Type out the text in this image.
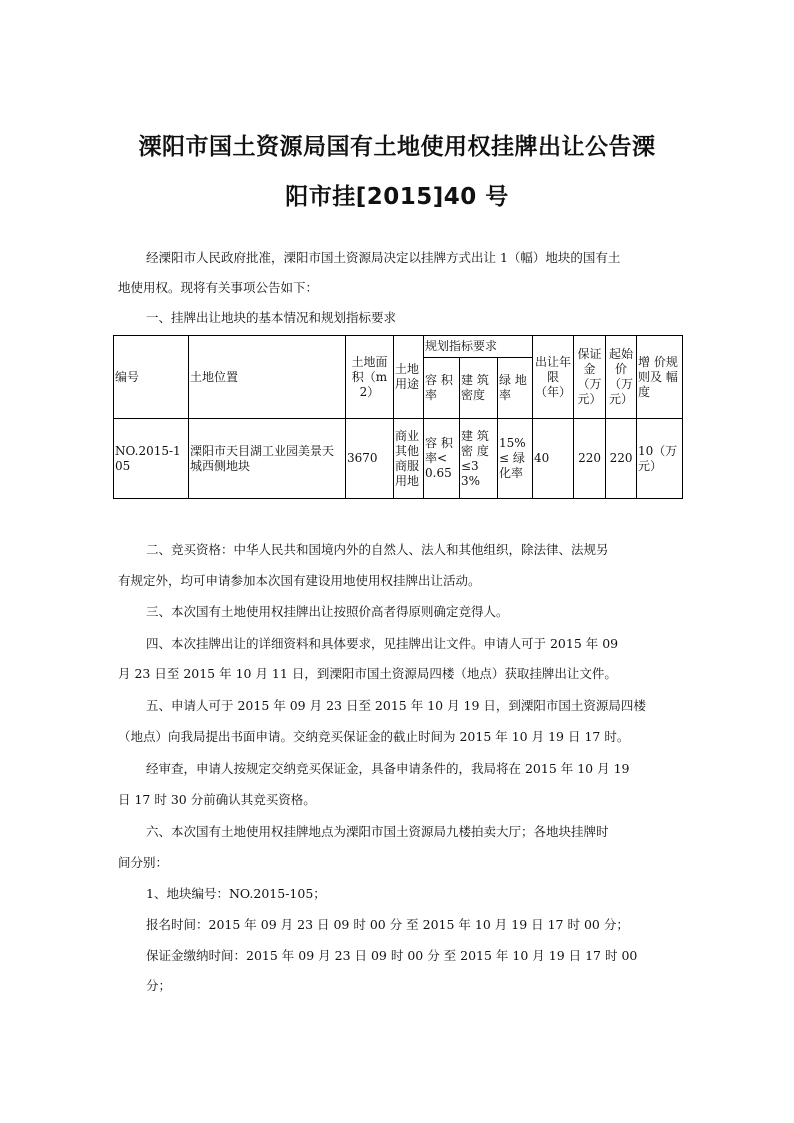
溧阳市国土资源局国有土地使用权挂牌出让公告溧
阳市挂[2015]40 号
经溧阳市人民政府批准，溧阳市国土资源局决定以挂牌方式出让 1（幅）地块的国有土
地使用权。现将有关事项公告如下：
一、挂牌出让地块的基本情况和规划指标要求
编号	土地位置	土地面积（m2）	土地用途	规划指标要求			出让年限（年）	保证金（万元）	起始价（万元）	增 价规则及 幅度
				容 积率	建 筑密度	绿 地率				
NO.2015-105	溧阳市天目湖工业园美景天城西侧地块	3670	商业其他商服用地	容 积率<0.65	建 筑密 度≤33%	15%≤ 绿化率	40	220	220	10（万元）
二、竞买资格：中华人民共和国境内外的自然人、法人和其他组织，除法律、法规另
有规定外，均可申请参加本次国有建设用地使用权挂牌出让活动。
三、本次国有土地使用权挂牌出让按照价高者得原则确定竞得人。
四、本次挂牌出让的详细资料和具体要求，见挂牌出让文件。申请人可于 2015 年 09
月 23 日至 2015 年 10 月 11 日，到溧阳市国土资源局四楼（地点）获取挂牌出让文件。
五、申请人可于 2015 年 09 月 23 日至 2015 年 10 月 19 日，到溧阳市国土资源局四楼
（地点）向我局提出书面申请。交纳竞买保证金的截止时间为 2015 年 10 月 19 日 17 时。
经审查，申请人按规定交纳竞买保证金，具备申请条件的，我局将在 2015 年 10 月 19
日 17 时 30 分前确认其竞买资格。
六、本次国有土地使用权挂牌地点为溧阳市国土资源局九楼拍卖大厅；各地块挂牌时
间分别：
1、地块编号：NO.2015-105；
报名时间：2015 年 09 月 23 日 09 时 00 分 至 2015 年 10 月 19 日 17 时 00 分；
保证金缴纳时间：2015 年 09 月 23 日 09 时 00 分 至 2015 年 10 月 19 日 17 时 00
分；
